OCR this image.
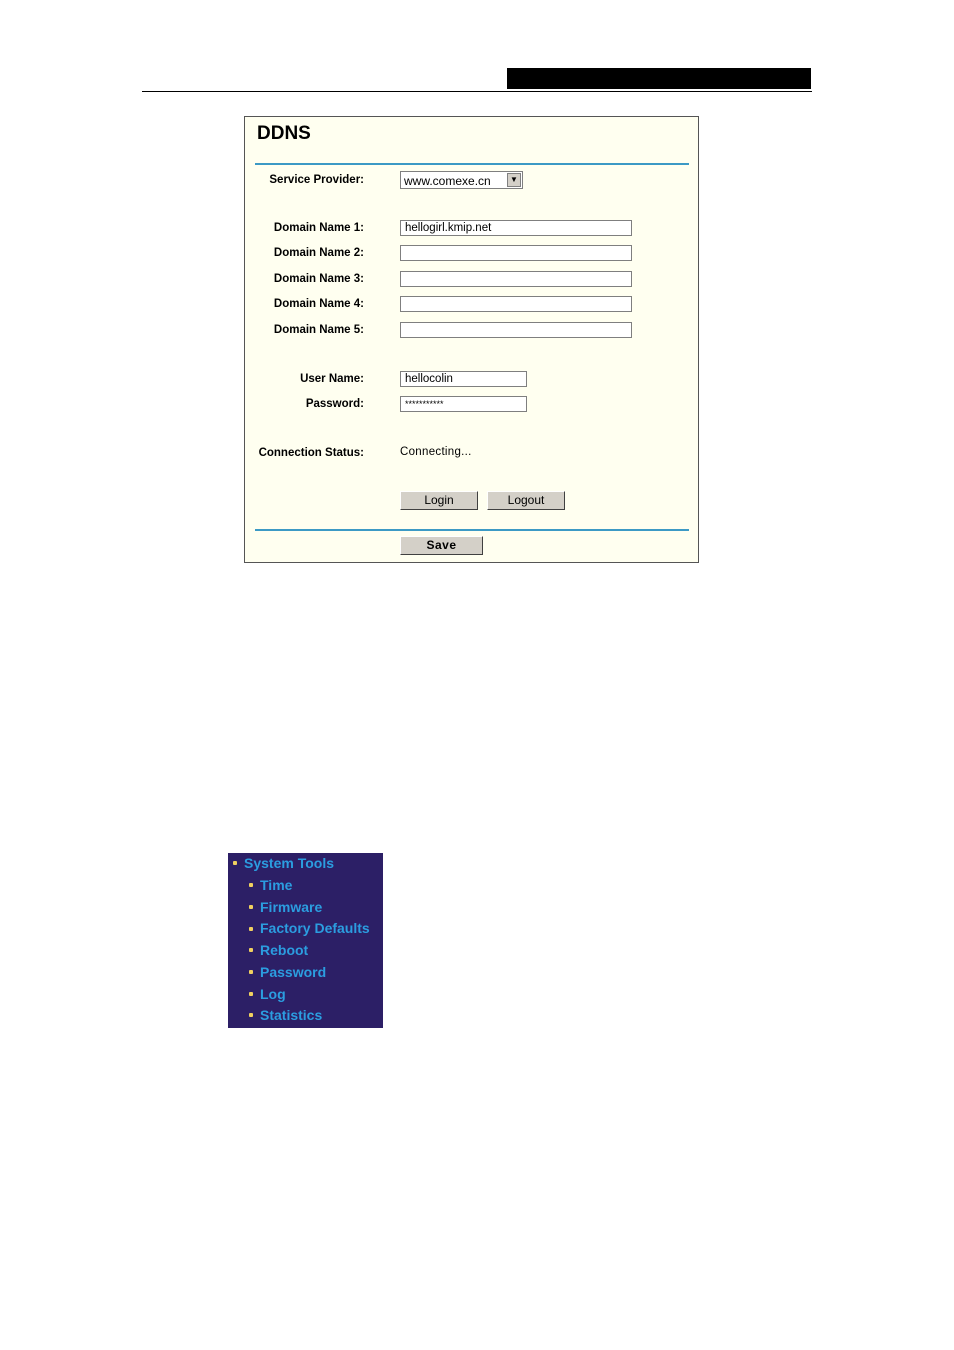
DDNS
Service Provider:	www.comexe.cn	▼
Domain Name 1:
hellogirl.kmip.net
Domain Name 2:
Domain Name 3:
Domain Name 4:
Domain Name 5:
User Name:
hellocolin
Password:
***********
Connection Status:	Connecting...
Login	Logout
Save
System Tools
Time
Firmware
Factory Defaults
Reboot
Password
Log
Statistics
